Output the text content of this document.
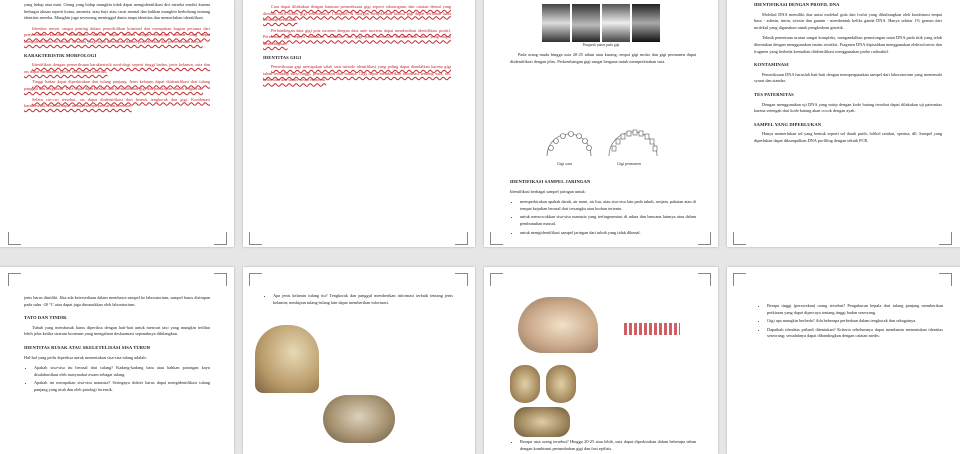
yang hidup atau mati. Orang yang hidup mungkin tidak dapat mengidentifikasi diri mereka sendiri karena berbagai alasan seperti koma, amnesia, atau bayi atau cacat mental dan bahkan mungkin berbohong tentang identitas mereka. Mungkin juga seseorang meninggal dunia tanpa identitas dan memerlukan identifikasi.

Identitas meyer sangat penting dalam penyelidikan kriminal dan merupakan bagian pertama dari penyelidikan kriminal. Identifikasi individu dapat dibantu dengan beberapa metode yang dapat mengidentifikasi informasi identitas yang dapat membantu dalam penyelidikan dan pemeriksaan mayat.

KARAKTERISTIK MORFOLOGI

Identifikasi dengan pemeriksaan karakteristik morfologi seperti tinggi badan, jenis kelamin, usia dan ras dapat membantu proses identifikasi individu.

Tinggi badan dapat diperkirakan dari tulang panjang. Jenis kelamin dapat diidentifikasi dari tulang panggul dan tengkorak. Usia dapat diperkirakan dari pertumbuhan gigi dan penutupan sutura tengkorak.

Selain ciri-ciri tersebut, ras dapat diidentifikasi dari bentuk tengkorak dan gigi. Kombinasi karakteristik tersebut dapat mempersempit pencarian identitas.

Cara dapat dilakukan dengan bantuan pemeriksaan gigi seperti odontogram dan catatan dental yang dimiliki oleh dokter gigi sebelumnya. Campbell & Morgan menjelaskan bahwa gigi dapat bertahan lama terhadap kerusakan.

Perbandingan data gigi post mortem dengan data ante mortem dapat memberikan identifikasi positif. Perawatan gigi seperti tambalan, mahkota, dan gigi palsu memiliki karakteristik unik yang dapat dibandingkan.

IDENTITAS GIGI

Pemeriksaan gigi merupakan salah satu metode identifikasi yang paling dapat diandalkan karena gigi tahan terhadap suhu tinggi, pembusukan dan trauma. Gigi dapat memberikan informasi tentang usia, ras, kebiasaan dan status sosial ekonomi.

Pengaruh panas pada gigi

Pada orang muda hingga usia 20-25 tahun atau kurang, empat gigi molar dan gigi permanen dapat diidentifikasi dengan jelas. Perkembangan gigi sangat berguna untuk memperkirakan usia.

Gigi susu	Gigi permanen
IDENTIFIKASI SAMPEL JARINGAN

Identifikasi berbagai sampel jaringan untuk:

• memperkirakan apakah darah, air mani, air liur, atau sisa-sisa lain pada tubuh, senjata, pakaian atau di tempat kejadian berasal dari tersangka atau korban tertentu.
• untuk mencocokkan sisa-sisa manusia yang terfragmentasi di udara dan bencana lainnya atau dalam pembunuhan massal.
• untuk mengidentifikasi sampel jaringan dari tubuh yang tidak dikenal.
IDENTIFIKASI DENGAN PROFIL DNA

Molekul DNA memiliki dua untai molekul gula dan fosfat yang dihubungkan oleh kombinasi empat basa - adenin, timin, sitosin dan guanin - membentuk heliks ganda DNA. Hanya sekitar 1% genom dari molekul yang digunakan untuk pengkodean genetik.

Teknik penentuan urutan sangat kompleks, mengandalkan pemotongan untai DNA pada titik yang telah ditentukan dengan menggunakan enzim restriksi. Fragmen DNA dipisahkan menggunakan elektroforesis dan fragmen yang berbeda kemudian diidentifikasi menggunakan probe radioaktif.

KONTAMINASI

Pemeriksaan DNA haruslah hati-hati dengan mempergunakan sampel dari laboratorium yang memenuhi syarat dan standar.

TES PATERNITAS

Dengan menggunakan uji DNA yang mirip dengan kode batang tersebut dapat dilakukan uji paternitas karena setengah dari kode batang akan cocok dengan ayah.

SAMPEL YANG DIPERLUKAN

Hanya memerlukan sel yang bentuk seperti sel darah putih, folikel rambut, sperma, dll. Sampel yang diperlukan dapat dikumpulkan DNA profiling dengan teknik PCR.

jenis harus dimiliki. Jika ada ketersediaan dalam membawa sampel ke laboratorium, sampel harus disimpan pada suhu -20 °C atau dapat juga dimasukkan oleh laboratorium.

TATO DAN TINDIK

Tubuh yang membusuk harus diperiksa dengan hati-hati untuk mencari tato yang mungkin terlihat lebih jelas ketika stratum korneum yang mengalami deskuamasi sepenuhnya dihilangkan.

IDENTITAS RUSAK ATAU SKELETELISASI SISA TUBUH

Hal-hal yang perlu diperiksa untuk menentukan sisa-sisa tulang adalah:

• Apakah sisa-sisa itu berasal dari tulang? Kadang-kadang batu atau bahkan potongan kayu disalahartikan oleh masyarakat awam sebagai tulang.
• Apakah ini merupakan sisa-sisa manusia? Seringnya dokter harus dapat mengidentifikasi tulang panjang yang utuh dan oleh patologi forensik.
• Apa jenis kelamin tulang itu? Tengkorak dan panggul memberikan informasi terbaik tentang jenis kelamin; meskipun tulang-tulang lain dapat memberikan informasi.
• Berapa usia orang tersebut? Hingga 20-25 atau lebih, usia dapat diperkirakan dalam beberapa tahun dengan kombinasi pertumbuhan gigi dan fusi epifisis.
• Berapa tinggi (perawakan) orang tersebut? Pengukuran kepala dari tulang panjang memberikan perkiraan yang dapat dipercaya tentang tinggi badan seseorang.
• Gigi apa mungkin berbeda? Ada beberapa perbedaan dalam tengkorak dan sebagainya.
• Dapatkah identitas pribadi ditentukan? Kriteria sebelumnya dapat membantu menentukan identitas seseorang; sesudahnya dapat dibandingkan dengan catatan medis.
